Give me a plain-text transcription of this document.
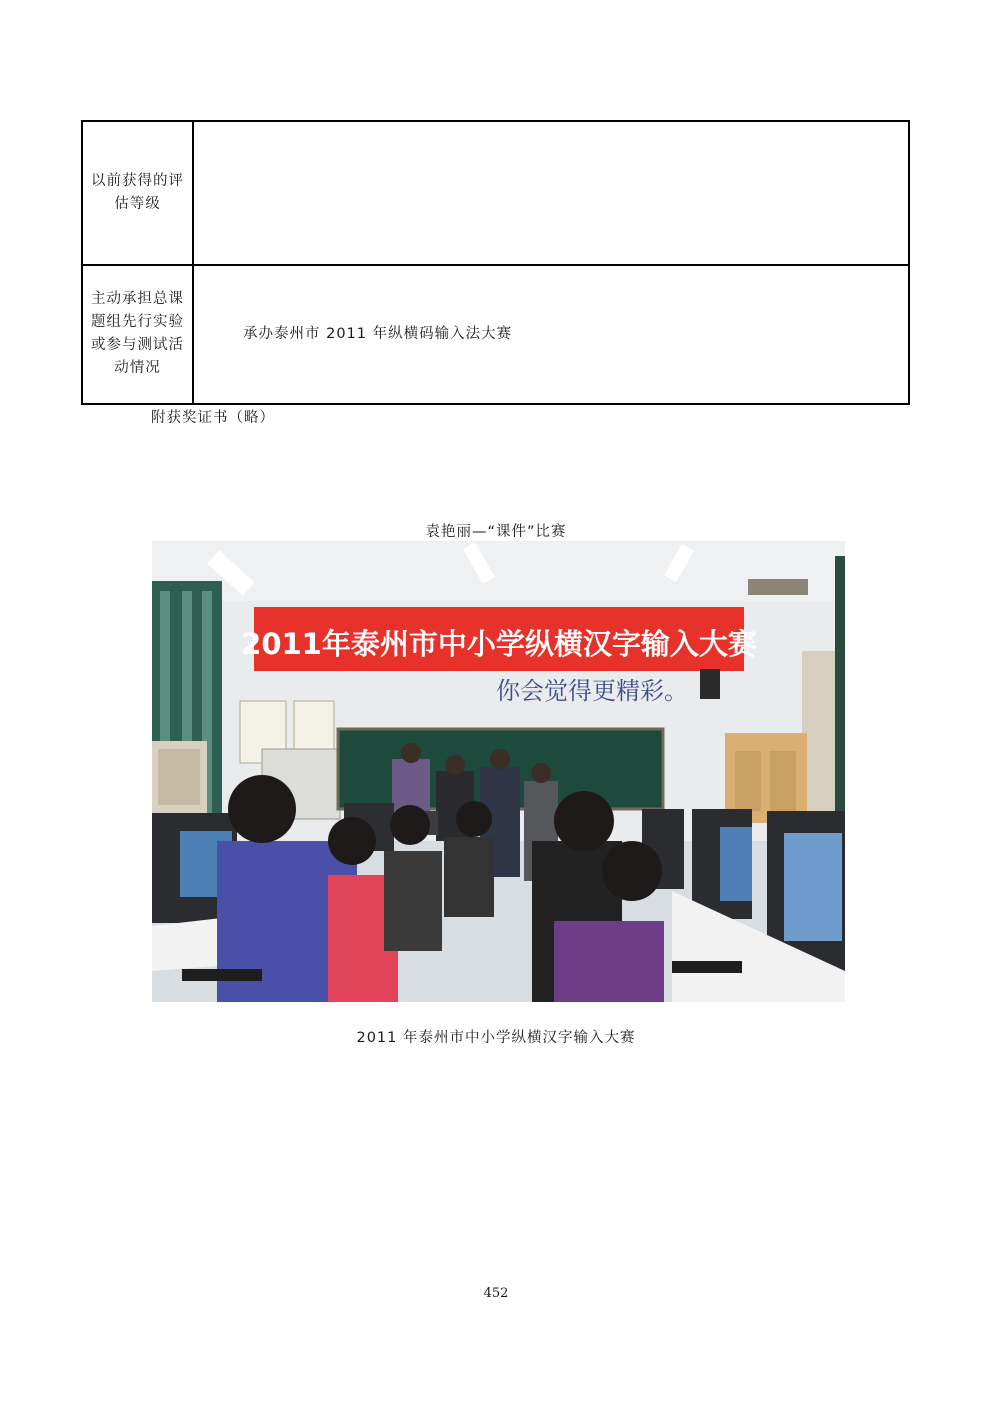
以前获得的评估等级
主动承担总课题组先行实验或参与测试活动情况
承办泰州市 2011 年纵横码输入法大赛
附获奖证书（略）
袁艳丽—“课件”比赛
2011年泰州市中小学纵横汉字输入大赛
你会觉得更精彩。
2011 年泰州市中小学纵横汉字输入大赛
452
